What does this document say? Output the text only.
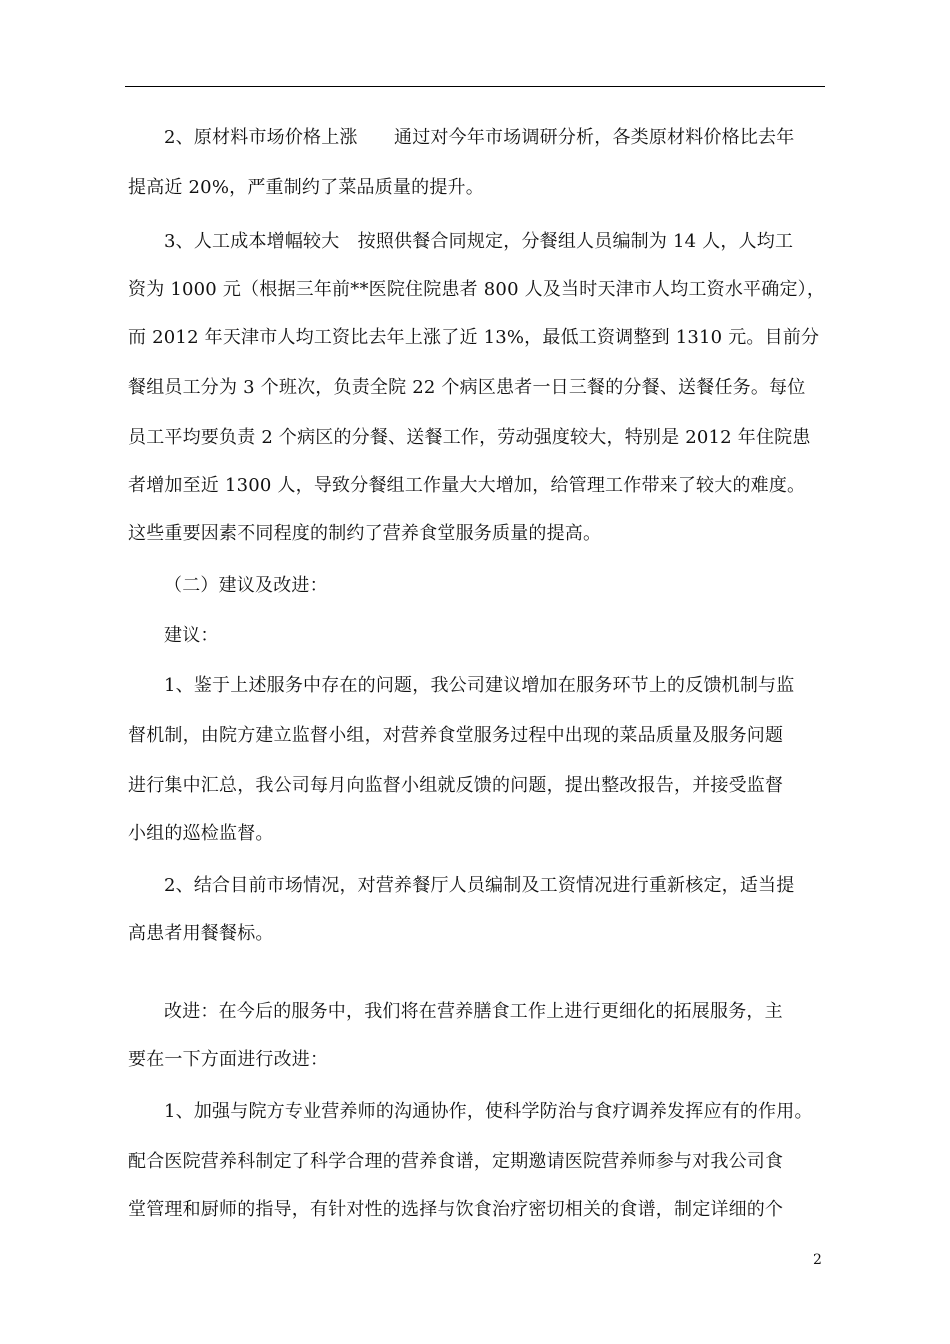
2、原材料市场价格上涨　　通过对今年市场调研分析，各类原材料价格比去年
提高近 20%，严重制约了菜品质量的提升。
3、人工成本增幅较大　按照供餐合同规定，分餐组人员编制为 14 人，人均工
资为 1000 元（根据三年前**医院住院患者 800 人及当时天津市人均工资水平确定），
而 2012 年天津市人均工资比去年上涨了近 13%，最低工资调整到 1310 元。目前分
餐组员工分为 3 个班次，负责全院 22 个病区患者一日三餐的分餐、送餐任务。每位
员工平均要负责 2 个病区的分餐、送餐工作，劳动强度较大，特别是 2012 年住院患
者增加至近 1300 人，导致分餐组工作量大大增加，给管理工作带来了较大的难度。
这些重要因素不同程度的制约了营养食堂服务质量的提高。
（二）建议及改进：
建议：
1、鉴于上述服务中存在的问题，我公司建议增加在服务环节上的反馈机制与监
督机制，由院方建立监督小组，对营养食堂服务过程中出现的菜品质量及服务问题
进行集中汇总，我公司每月向监督小组就反馈的问题，提出整改报告，并接受监督
小组的巡检监督。
2、结合目前市场情况，对营养餐厅人员编制及工资情况进行重新核定，适当提
高患者用餐餐标。
改进：在今后的服务中，我们将在营养膳食工作上进行更细化的拓展服务，主
要在一下方面进行改进：
1、加强与院方专业营养师的沟通协作，使科学防治与食疗调养发挥应有的作用。
配合医院营养科制定了科学合理的营养食谱，定期邀请医院营养师参与对我公司食
堂管理和厨师的指导，有针对性的选择与饮食治疗密切相关的食谱，制定详细的个
2
